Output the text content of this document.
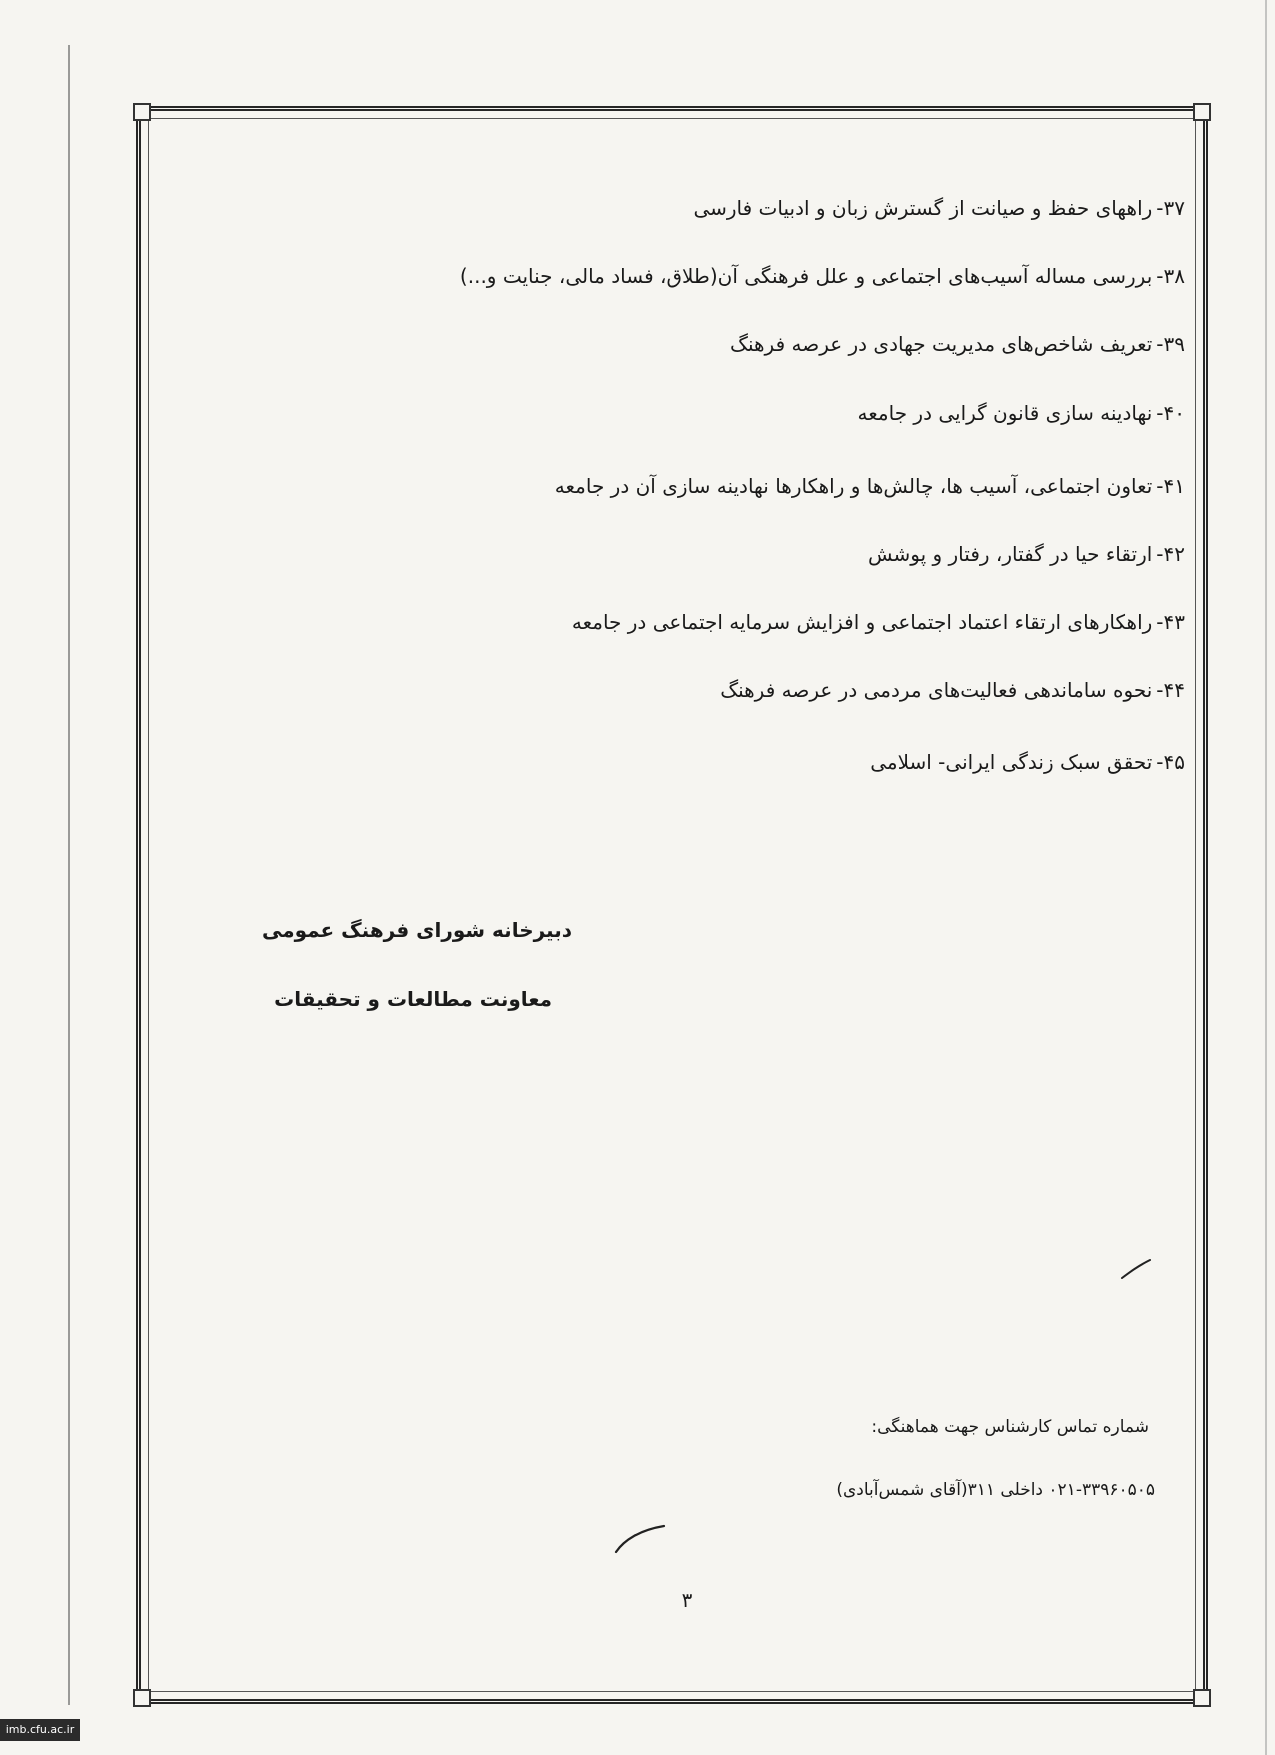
۳۷-راههای حفظ و صیانت از گسترش زبان و ادبیات فارسی
۳۸-بررسی مساله آسیب‌های اجتماعی و علل فرهنگی آن(طلاق، فساد مالی، جنایت و...)
۳۹-تعریف شاخص‌های مدیریت جهادی در عرصه فرهنگ
۴۰-نهادینه سازی قانون گرایی در جامعه
۴۱-تعاون اجتماعی، آسیب ها، چالش‌ها و راهکارها نهادینه سازی آن در جامعه
۴۲-ارتقاء حیا در گفتار، رفتار و پوشش
۴۳-راهکارهای ارتقاء اعتماد اجتماعی و افزایش سرمایه اجتماعی در جامعه
۴۴-نحوه ساماندهی فعالیت‌های مردمی در عرصه فرهنگ
۴۵-تحقق سبک زندگی ایرانی- اسلامی
دبیرخانه شورای فرهنگ عمومی
معاونت مطالعات و تحقیقات
شماره تماس کارشناس جهت هماهنگی:
۰۲۱-۳۳۹۶۰۵۰۵ داخلی ۳۱۱(آقای شمس‌آبادی)
۳
imb.cfu.ac.ir
